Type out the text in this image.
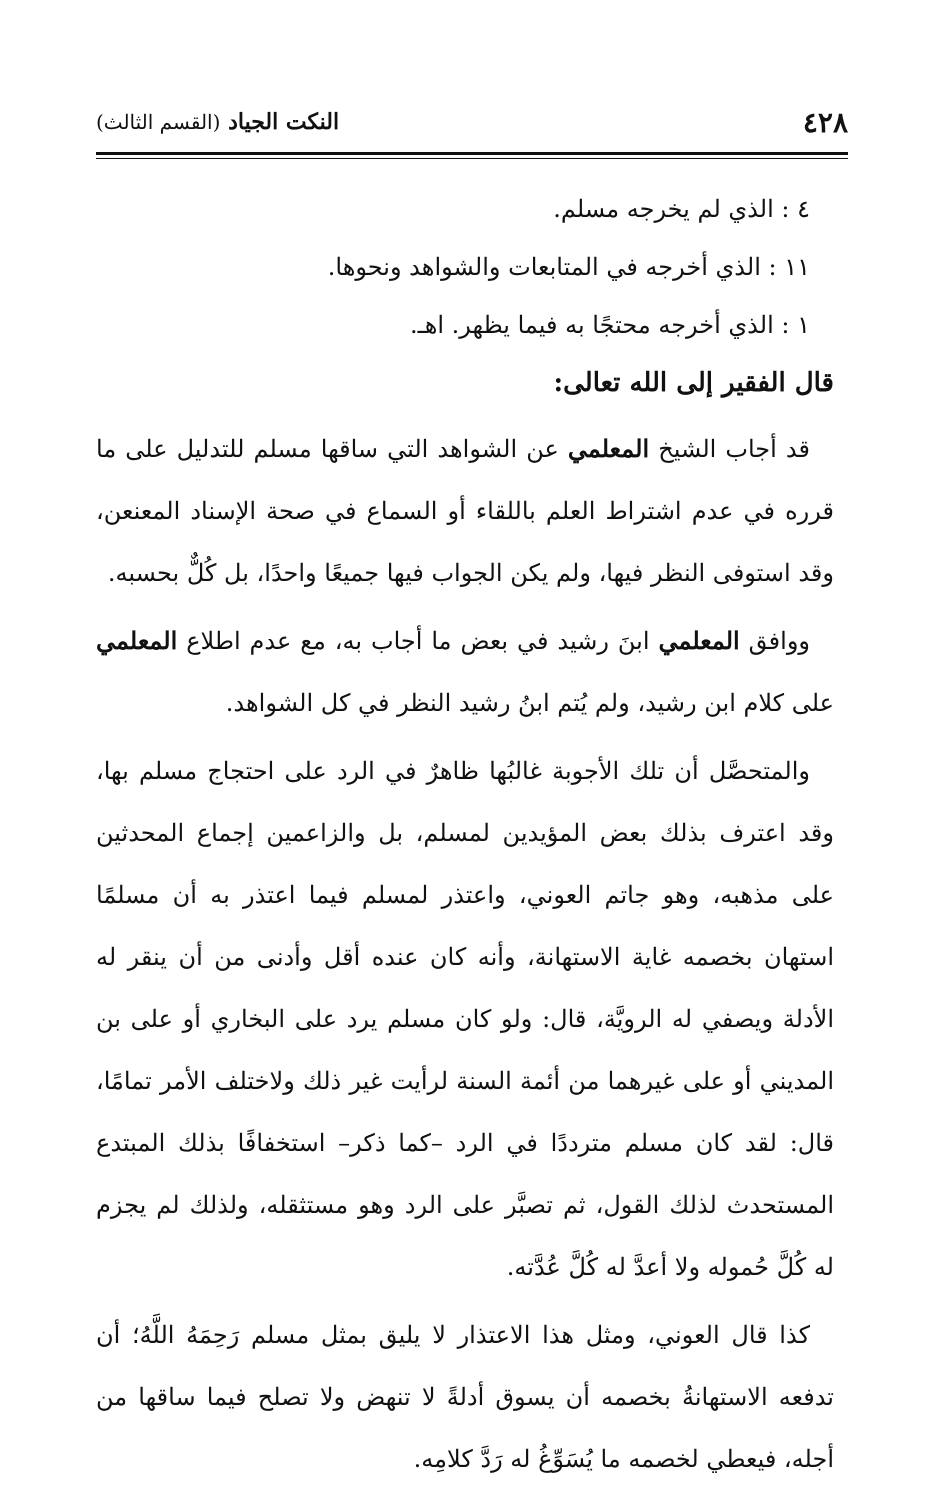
٤٢٨
النكت الجياد (القسم الثالث)
٤ : الذي لم يخرجه مسلم.
١١ : الذي أخرجه في المتابعات والشواهد ونحوها.
١ : الذي أخرجه محتجًا به فيما يظهر. اهـ.
قال الفقير إلى الله تعالى:

قد أجاب الشيخ المعلمي عن الشواهد التي ساقها مسلم للتدليل على ما قرره في عدم اشتراط العلم باللقاء أو السماع في صحة الإسناد المعنعن، وقد استوفى النظر فيها، ولم يكن الجواب فيها جميعًا واحدًا، بل كُلٌّ بحسبه.

ووافق المعلمي ابنَ رشيد في بعض ما أجاب به، مع عدم اطلاع المعلمي على كلام ابن رشيد، ولم يُتم ابنُ رشيد النظر في كل الشواهد.

والمتحصَّل أن تلك الأجوبة غالبُها ظاهرٌ في الرد على احتجاج مسلم بها، وقد اعترف بذلك بعض المؤيدين لمسلم، بل والزاعمين إجماع المحدثين على مذهبه، وهو جاتم العوني، واعتذر لمسلم فيما اعتذر به أن مسلمًا استهان بخصمه غاية الاستهانة، وأنه كان عنده أقل وأدنى من أن ينقر له الأدلة ويصفي له الرويَّة، قال: ولو كان مسلم يرد على البخاري أو على بن المديني أو على غيرهما من أئمة السنة لرأيت غير ذلك ولاختلف الأمر تمامًا، قال: لقد كان مسلم مترددًا في الرد –كما ذكر– استخفافًا بذلك المبتدع المستحدث لذلك القول، ثم تصبَّر على الرد وهو مستثقله، ولذلك لم يجزم له كُلَّ حُموله ولا أعدَّ له كُلَّ عُدَّته.

كذا قال العوني، ومثل هذا الاعتذار لا يليق بمثل مسلم رَحِمَهُ اللَّهُ؛ أن تدفعه الاستهانةُ بخصمه أن يسوق أدلةً لا تنهض ولا تصلح فيما ساقها من أجله، فيعطي لخصمه ما يُسَوِّغُ له رَدَّ كلامِه.
